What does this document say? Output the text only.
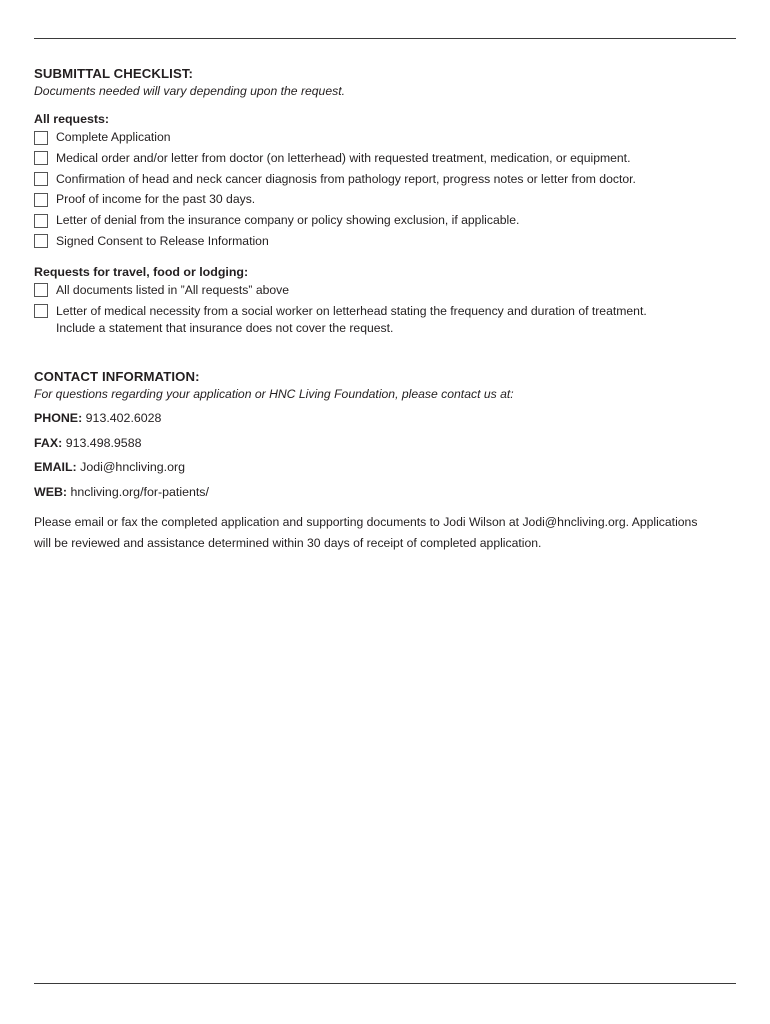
SUBMITTAL CHECKLIST:

Documents needed will vary depending upon the request.

All requests:
Complete Application
Medical order and/or letter from doctor (on letterhead) with requested treatment, medication, or equipment.
Confirmation of head and neck cancer diagnosis from pathology report, progress notes or letter from doctor.
Proof of income for the past 30 days.
Letter of denial from the insurance company or policy showing exclusion, if applicable.
Signed Consent to Release Information
Requests for travel, food or lodging:
All documents listed in ”All requests” above
Letter of medical necessity from a social worker on letterhead stating the frequency and duration of treatment.
Include a statement that insurance does not cover the request.
CONTACT INFORMATION:

For questions regarding your application or HNC Living Foundation, please contact us at:

PHONE: 913.402.6028

FAX: 913.498.9588

EMAIL: Jodi@hncliving.org

WEB: hncliving.org/for-patients/

Please email or fax the completed application and supporting documents to Jodi Wilson at Jodi@hncliving.org. Applications
will be reviewed and assistance determined within 30 days of receipt of completed application.
